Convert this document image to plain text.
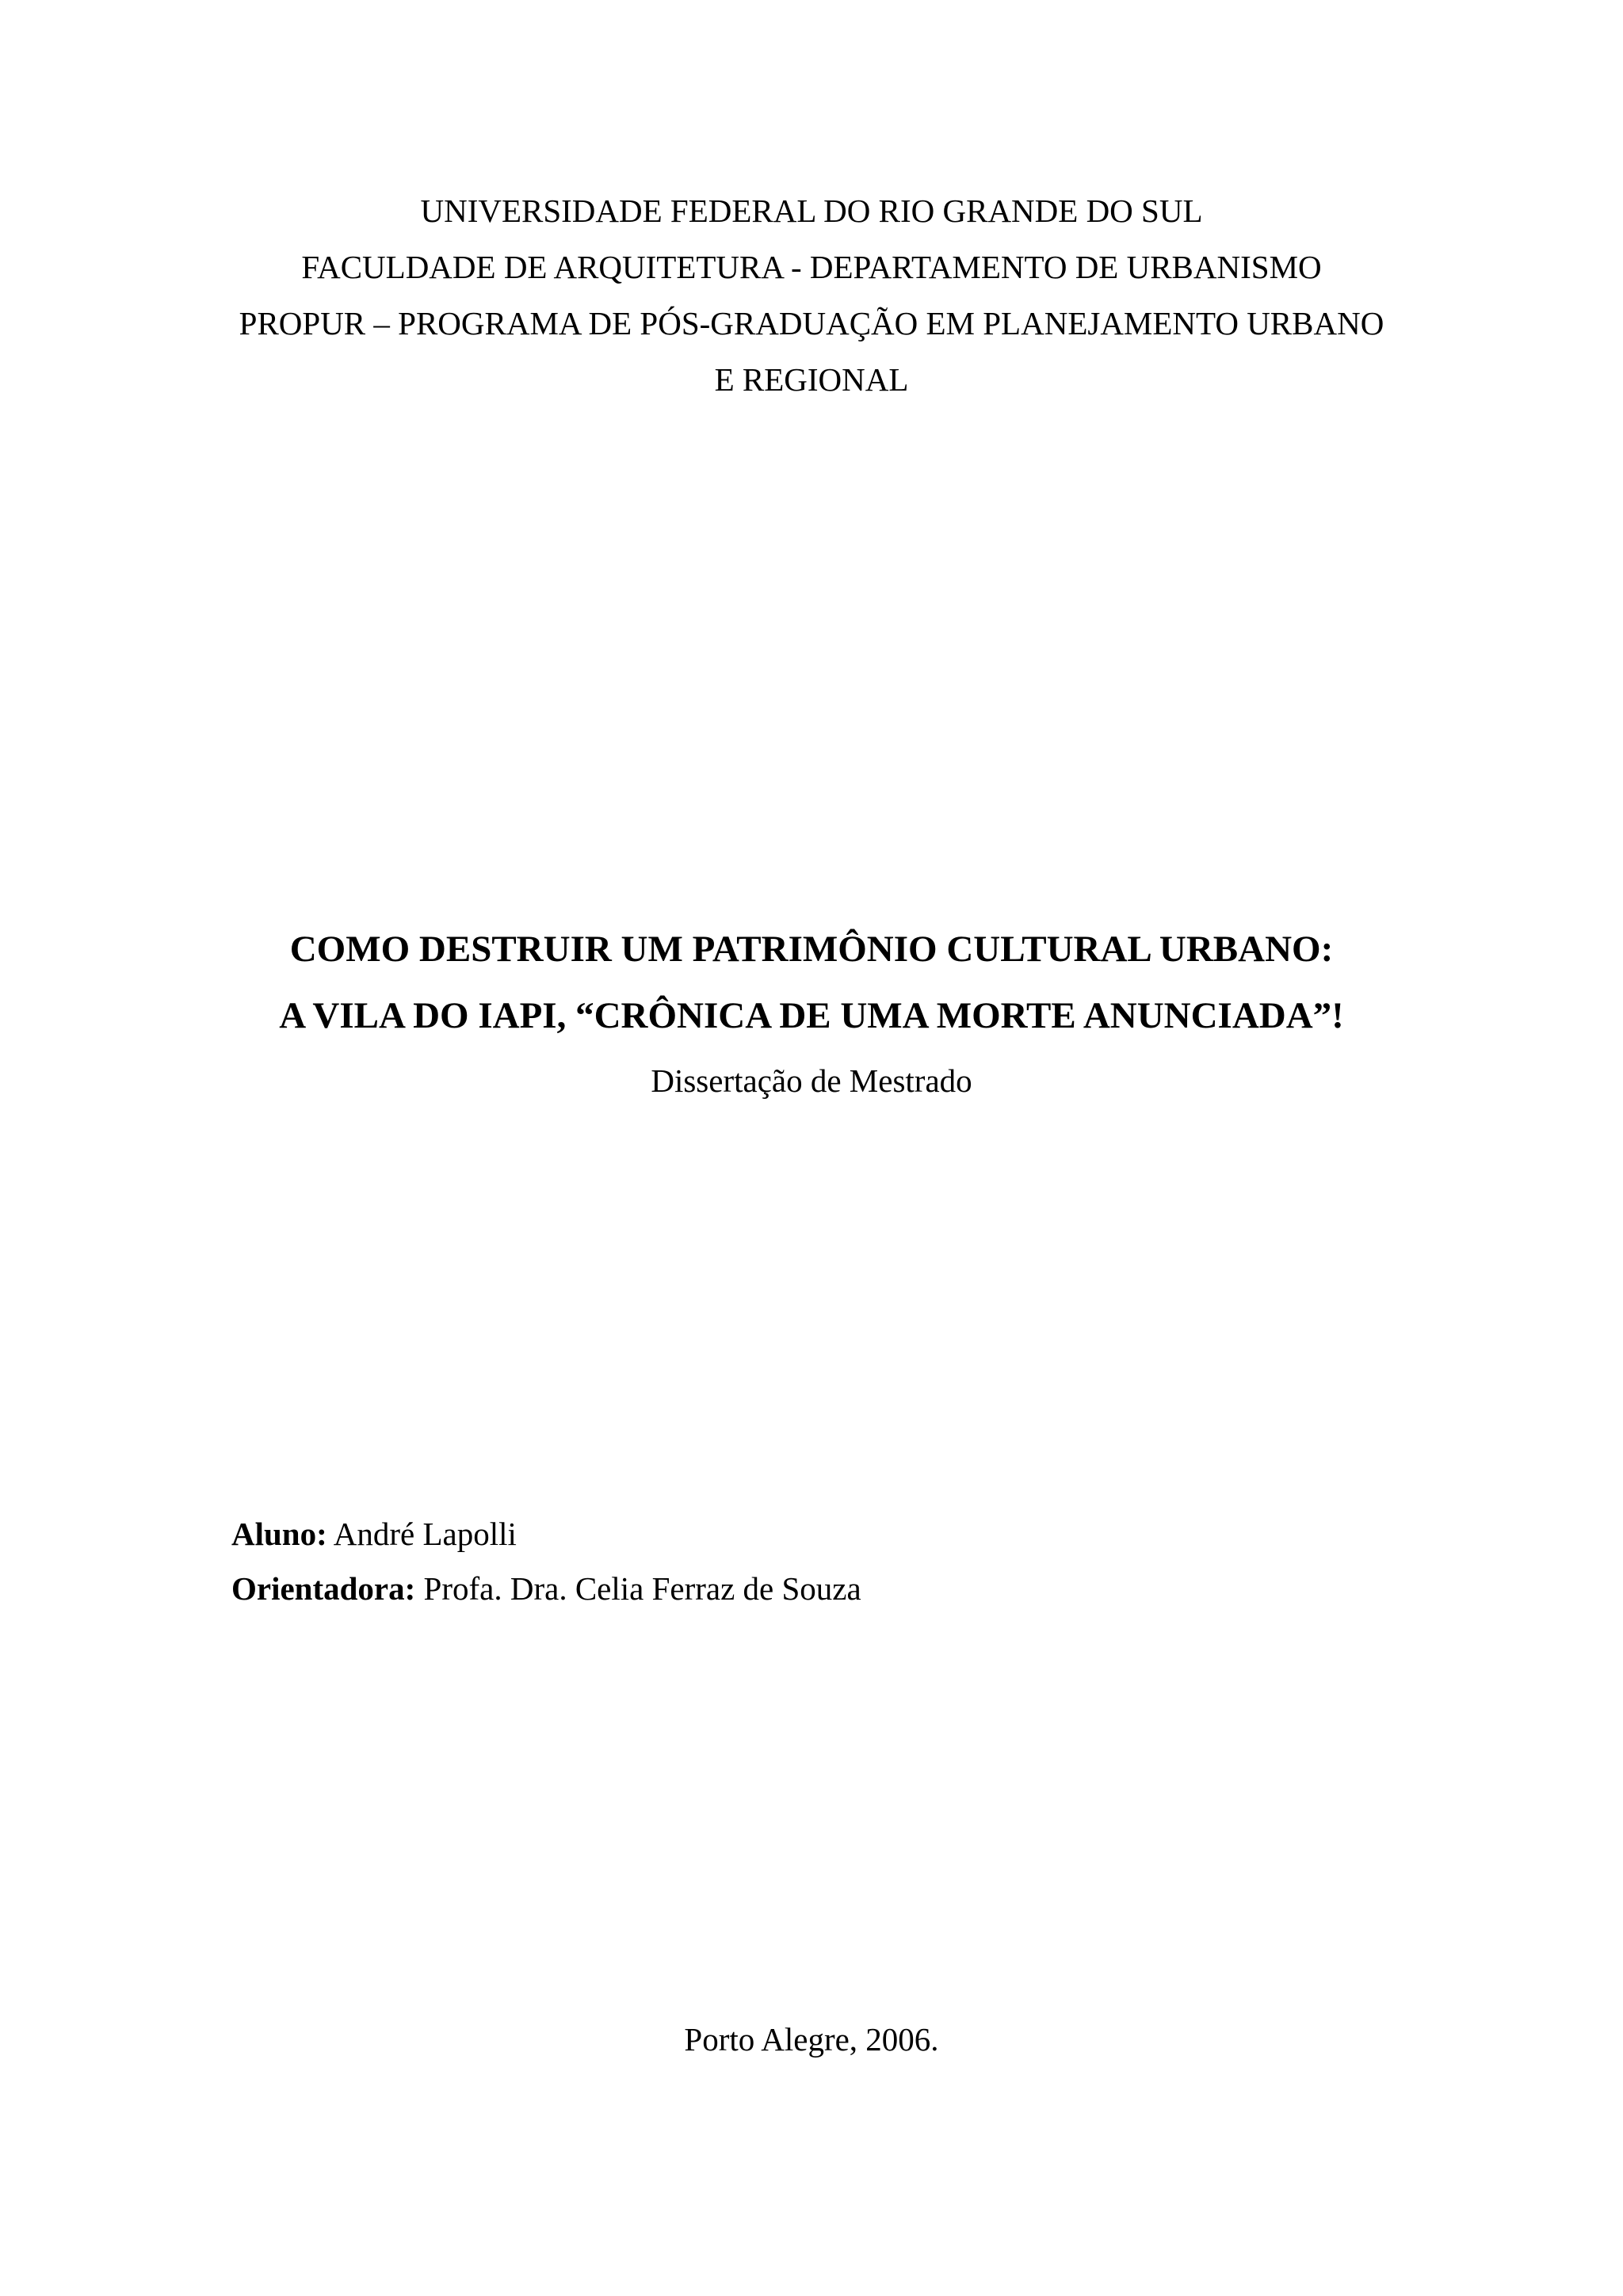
UNIVERSIDADE FEDERAL DO RIO GRANDE DO SUL
FACULDADE DE ARQUITETURA - DEPARTAMENTO DE URBANISMO
PROPUR – PROGRAMA DE PÓS-GRADUAÇÃO EM PLANEJAMENTO URBANO
E REGIONAL
COMO DESTRUIR UM PATRIMÔNIO CULTURAL URBANO:
A VILA DO IAPI, “CRÔNICA DE UMA MORTE ANUNCIADA”!
Dissertação de Mestrado
Aluno: André Lapolli
Orientadora: Profa. Dra. Celia Ferraz de Souza
Porto Alegre, 2006.
